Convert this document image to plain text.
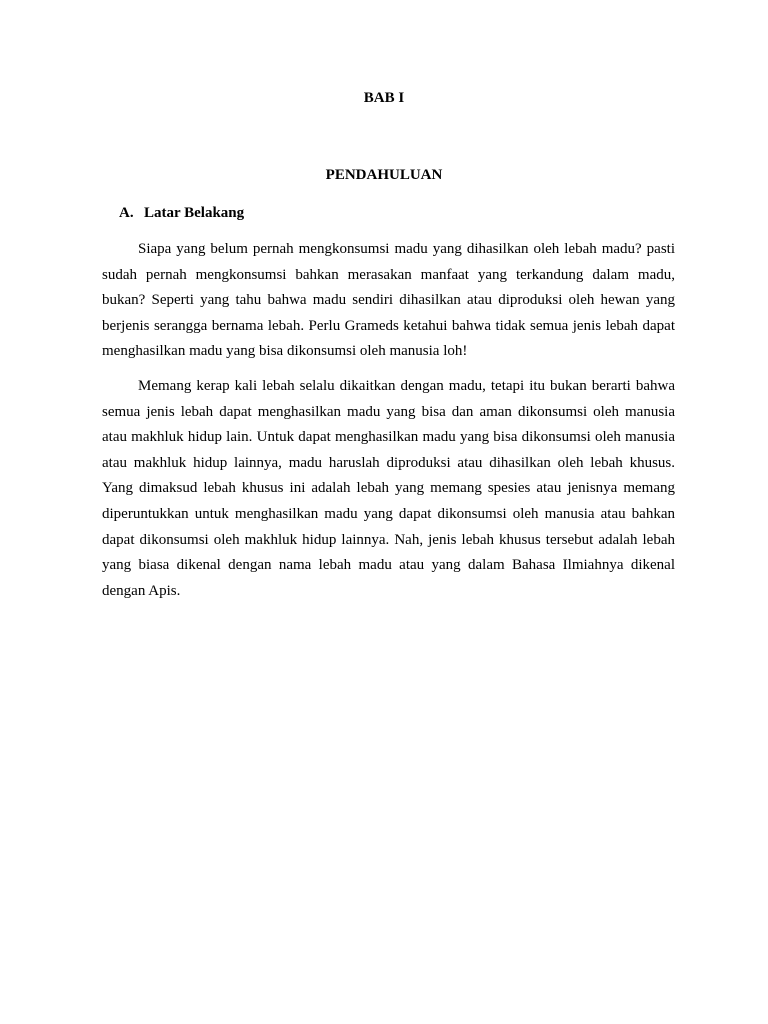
BAB I
PENDAHULUAN
A. Latar Belakang

Siapa yang belum pernah mengkonsumsi madu yang dihasilkan oleh lebah madu? pasti sudah pernah mengkonsumsi bahkan merasakan manfaat yang terkandung dalam madu, bukan? Seperti yang tahu bahwa madu sendiri dihasilkan atau diproduksi oleh hewan yang berjenis serangga bernama lebah. Perlu Grameds ketahui bahwa tidak semua jenis lebah dapat menghasilkan madu yang bisa dikonsumsi oleh manusia loh!

Memang kerap kali lebah selalu dikaitkan dengan madu, tetapi itu bukan berarti bahwa semua jenis lebah dapat menghasilkan madu yang bisa dan aman dikonsumsi oleh manusia atau makhluk hidup lain. Untuk dapat menghasilkan madu yang bisa dikonsumsi oleh manusia atau makhluk hidup lainnya, madu haruslah diproduksi atau dihasilkan oleh lebah khusus. Yang dimaksud lebah khusus ini adalah lebah yang memang spesies atau jenisnya memang diperuntukkan untuk menghasilkan madu yang dapat dikonsumsi oleh manusia atau bahkan dapat dikonsumsi oleh makhluk hidup lainnya. Nah, jenis lebah khusus tersebut adalah lebah yang biasa dikenal dengan nama lebah madu atau yang dalam Bahasa Ilmiahnya dikenal dengan Apis.
